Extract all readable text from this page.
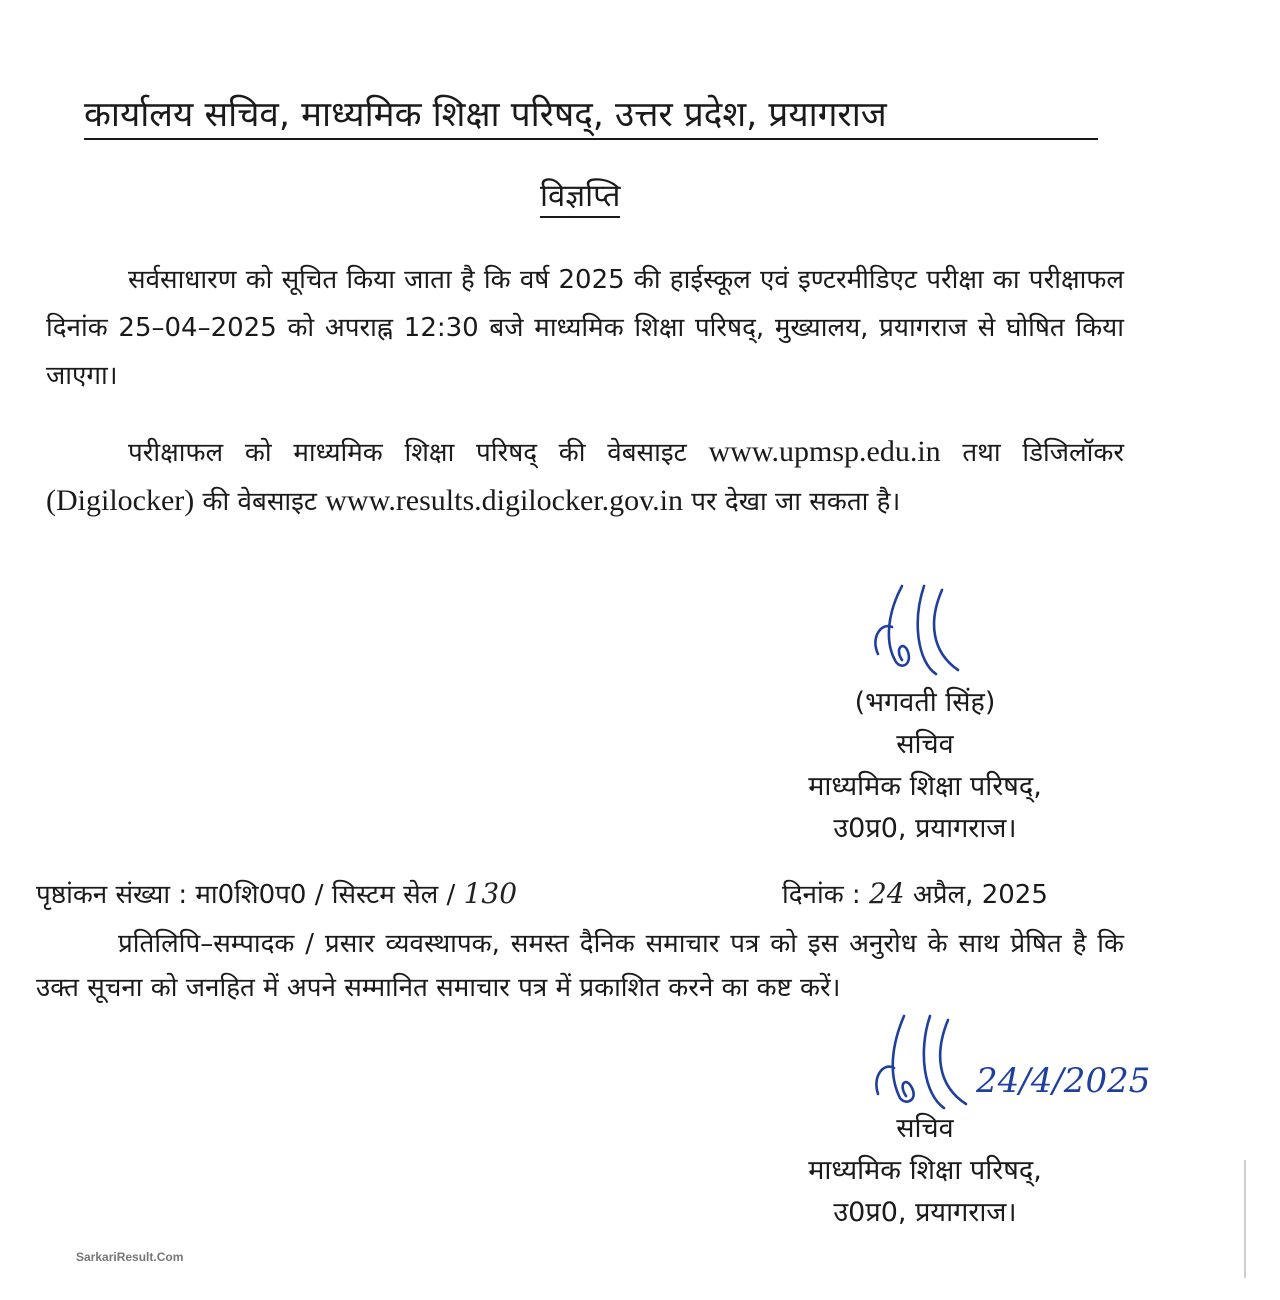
कार्यालय सचिव, माध्यमिक शिक्षा परिषद्, उत्तर प्रदेश, प्रयागराज
विज्ञप्ति

सर्वसाधारण को सूचित किया जाता है कि वर्ष 2025 की हाईस्कूल एवं इण्टरमीडिएट परीक्षा का परीक्षाफल दिनांक 25–04–2025 को अपराह्न 12:30 बजे माध्यमिक शिक्षा परिषद्, मुख्यालय, प्रयागराज से घोषित किया जाएगा।

परीक्षाफल को माध्यमिक शिक्षा परिषद् की वेबसाइट www.upmsp.edu.in तथा डिजिलॉकर (Digilocker) की वेबसाइट www.results.digilocker.gov.in पर देखा जा सकता है।

(भगवती सिंह)
सचिव
माध्यमिक शिक्षा परिषद्,
उ0प्र0, प्रयागराज।
पृष्ठांकन संख्या : मा0शि0प0 / सिस्टम सेल / 130	दिनांक : 24 अप्रैल, 2025

प्रतिलिपि–सम्पादक / प्रसार व्यवस्थापक, समस्त दैनिक समाचार पत्र को इस अनुरोध के साथ प्रेषित है कि उक्त सूचना को जनहित में अपने सम्मानित समाचार पत्र में प्रकाशित करने का कष्ट करें।

24/4/2025
सचिव
माध्यमिक शिक्षा परिषद्,
उ0प्र0, प्रयागराज।
SarkariResult.Com
